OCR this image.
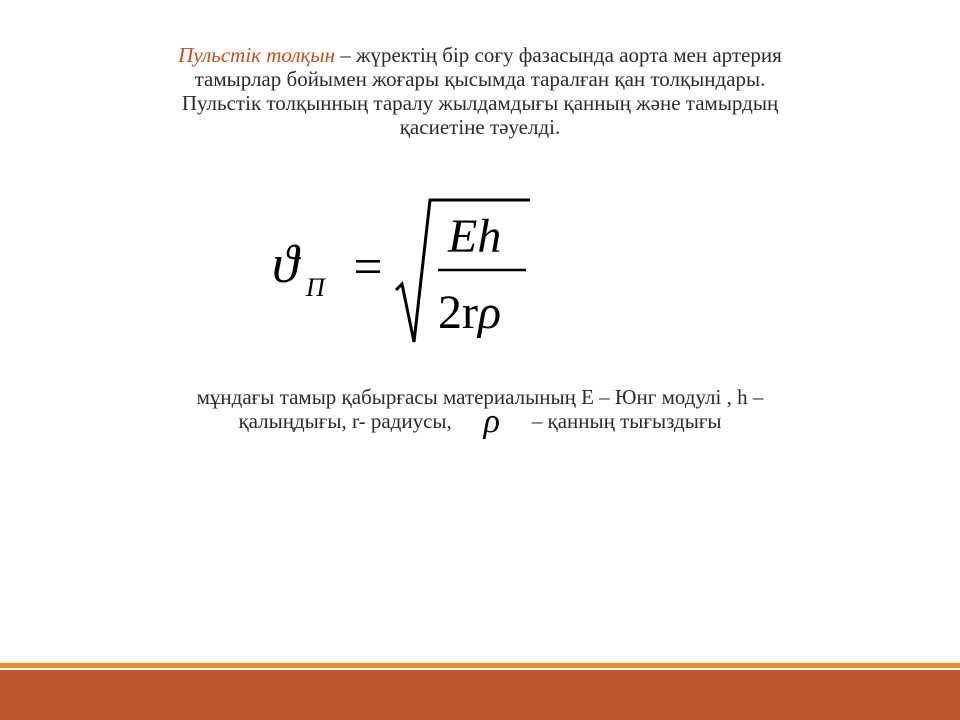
Пульстік толқын – жүректің бір соғу фазасында аорта мен артерия
тамырлар бойымен жоғары қысымда таралған қан толқындары.
Пульстік толқынның таралу жылдамдығы қанның және тамырдың
қасиетіне тәуелді.
ϑ П =
Eh
2rρ
мұндағы тамыр қабырғасы материалының E – Юнг модулі , h –
қалыңдығы, r- радиусы, ρ – қанның тығыздығы
